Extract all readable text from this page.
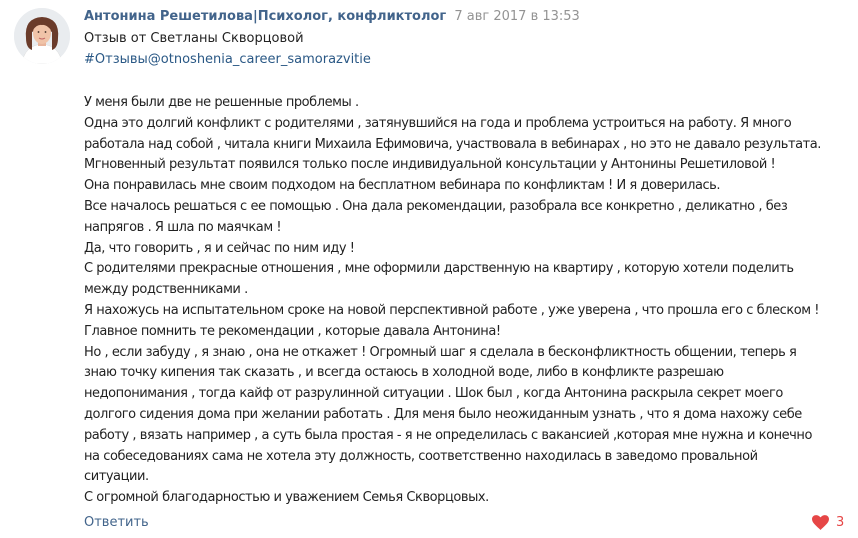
Антонина Решетилова|Психолог, конфликтолог 7 авг 2017 в 13:53
Отзыв от Светланы Скворцовой
#Отзывы@otnoshenia_career_samorazvitie
У меня были две не решенные проблемы .
Одна это долгий конфликт с родителями , затянувшийся на года и проблема устроиться на работу. Я много
работала над собой , читала книги Михаила Ефимовича, участвовала в вебинарах , но это не давало результата.
Мгновенный результат появился только после индивидуальной консультации у Антонины Решетиловой !
Она понравилась мне своим подходом на бесплатном вебинара по конфликтам ! И я доверилась.
Все началось решаться с ее помощью . Она дала рекомендации, разобрала все конкретно , деликатно , без
напрягов . Я шла по маячкам !
Да, что говорить , я и сейчас по ним иду !
С родителями прекрасные отношения , мне оформили дарственную на квартиру , которую хотели поделить
между родственниками .
Я нахожусь на испытательном сроке на новой перспективной работе , уже уверена , что прошла его с блеском !
Главное помнить те рекомендации , которые давала Антонина!
Но , если забуду , я знаю , она не откажет ! Огромный шаг я сделала в бесконфликтность общении, теперь я
знаю точку кипения так сказать , и всегда остаюсь в холодной воде, либо в конфликте разрешаю
недопонимания , тогда кайф от разрулинной ситуации . Шок был , когда Антонина раскрыла секрет моего
долгого сидения дома при желании работать . Для меня было неожиданным узнать , что я дома нахожу себе
работу , вязать например , а суть была простая - я не определилась с вакансией ,которая мне нужна и конечно
на собеседованиях сама не хотела эту должность, соответственно находилась в заведомо провальной
ситуации.
С огромной благодарностью и уважением Семья Скворцовых.
Ответить	3
